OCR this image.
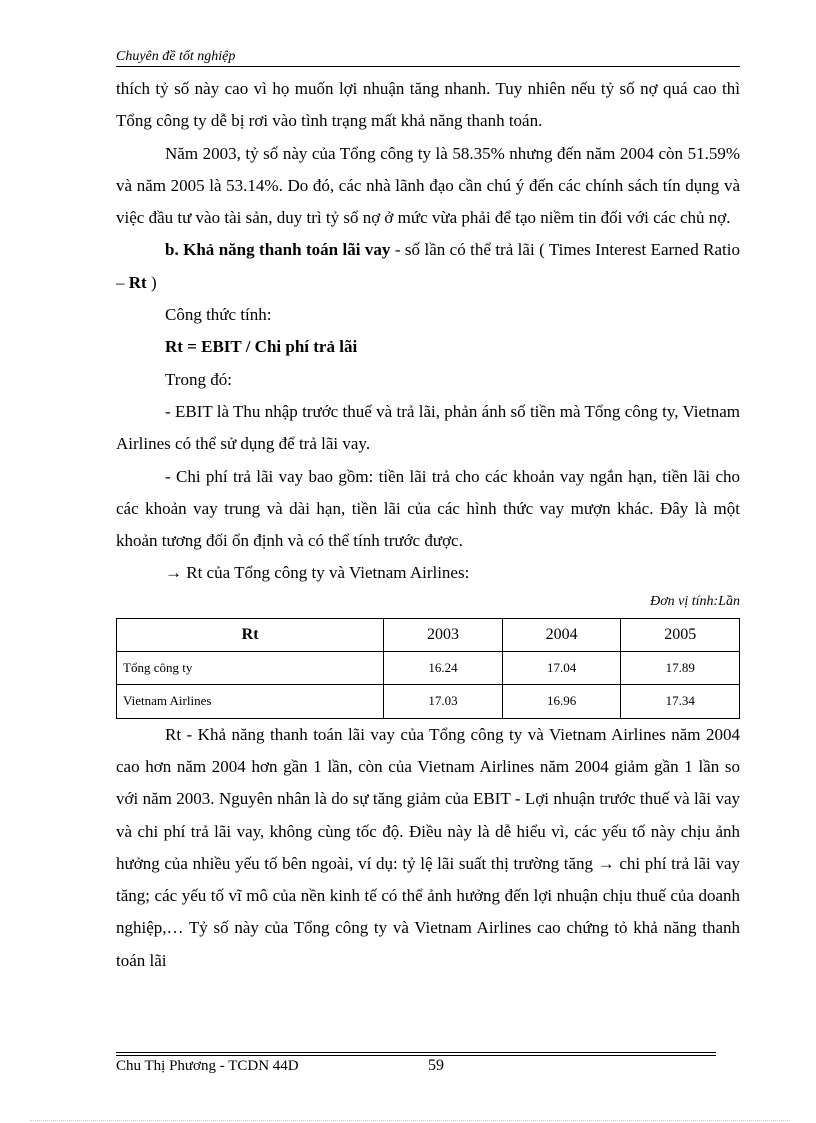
Chuyên đề tốt nghiệp

thích tỷ số này cao vì họ muốn lợi nhuận tăng nhanh. Tuy nhiên nếu tỷ số nợ quá cao thì Tổng công ty dễ bị rơi vào tình trạng mất khả năng thanh toán.

Năm 2003, tỷ số này của Tổng công ty là 58.35% nhưng đến năm 2004 còn 51.59% và năm 2005 là 53.14%. Do đó, các nhà lãnh đạo cần chú ý đến các chính sách tín dụng và việc đầu tư vào tài sản, duy trì tỷ số nợ ở mức vừa phải để tạo niềm tin đối với các chủ nợ.

b. Khả năng thanh toán lãi vay - số lần có thể trả lãi ( Times Interest Earned Ratio – Rt )

Công thức tính:

Rt = EBIT / Chi phí trả lãi

Trong đó:

- EBIT là Thu nhập trước thuế và trả lãi, phản ánh số tiền mà Tổng công ty, Vietnam Airlines có thể sử dụng để trả lãi vay.

- Chi phí trả lãi vay bao gồm: tiền lãi trả cho các khoản vay ngắn hạn, tiền lãi cho các khoản vay trung và dài hạn, tiền lãi của các hình thức vay mượn khác. Đây là một khoản tương đối ổn định và có thể tính trước được.

→ Rt của Tổng công ty và Vietnam Airlines:

Đơn vị tính:Lần
Rt	2003	2004	2005
Tổng công ty	16.24	17.04	17.89
Vietnam Airlines	17.03	16.96	17.34

Rt - Khả năng thanh toán lãi vay của Tổng công ty và Vietnam Airlines năm 2004 cao hơn năm 2004 hơn gần 1 lần, còn của Vietnam Airlines năm 2004 giảm gần 1 lần so với năm 2003. Nguyên nhân là do sự tăng giảm của EBIT - Lợi nhuận trước thuế và lãi vay và chi phí trả lãi vay, không cùng tốc độ. Điều này là dễ hiểu vì, các yếu tố này chịu ảnh hưởng của nhiều yếu tố bên ngoài, ví dụ: tỷ lệ lãi suất thị trường tăng → chi phí trả lãi vay tăng; các yếu tố vĩ mô của nền kinh tế có thể ảnh hưởng đến lợi nhuận chịu thuế của doanh nghiệp,… Tỷ số này của Tổng công ty và Vietnam Airlines cao chứng tỏ khả năng thanh toán lãi

Chu Thị Phương - TCDN 44D	59
